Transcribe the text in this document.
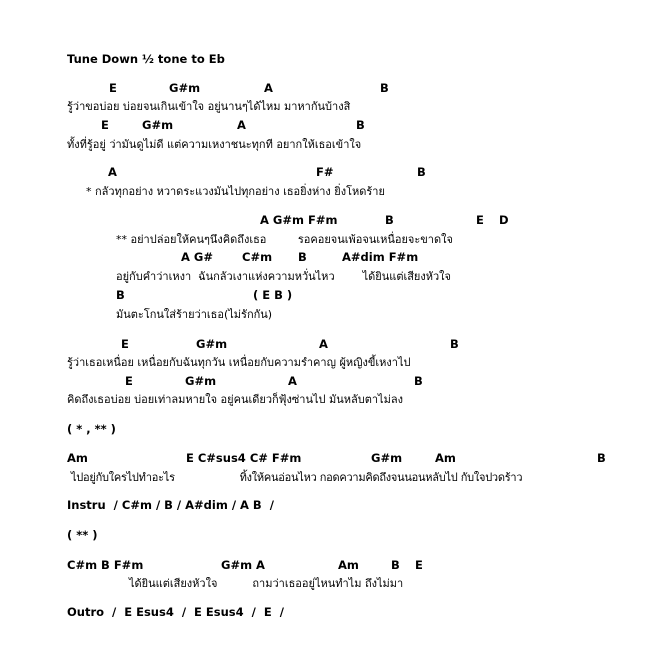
Tune Down ½ tone to Eb

E

	G#m

	A

	B

รู้ว่าขอบ่อย บ่อยจนเกินเข้าใจ อยู่นานๆได้ไหม มาหากันบ้างสิ

E

	G#m

	A

	B

ทั้งที่รู้อยู่ ว่ามันดูไม่ดี แต่ความเหงาชนะทุกที อยากให้เธอเข้าใจ

A

	F#

	B

* กลัวทุกอย่าง หวาดระแวงมันไปทุกอย่าง เธอยิ่งห่าง ยิ่งโหดร้าย

A G#m F#m

	B

	E

D

** อย่าปล่อยให้คนๆนึงคิดถึงเธอ         รอคอยจนเพ้อจนเหนื่อยจะขาดใจ

A G#

	C#m

B

	A#dim F#m

อยู่กับคำว่าเหงา  ฉันกลัวเงาแห่งความหวั่นไหว        ได้ยินแต่เสียงหัวใจ

B

	( E B )

มันตะโกนใส่ร้ายว่าเธอ(ไม่รักกัน)

E

	G#m

	A

	B

รู้ว่าเธอเหนื่อย เหนื่อยกับฉันทุกวัน เหนื่อยกับความรำคาญ ผู้หญิงขี้เหงาไป

E

	G#m

	A

	B

คิดถึงเธอบ่อย บ่อยเท่าลมหายใจ อยู่คนเดียวก็ฟุ้งซ่านไป มันหลับตาไม่ลง
( * , ** )

Am

	E C#sus4 C# F#m

	G#m

	Am

	B

ไปอยู่กับใครไปทำอะไร                    ทิ้งให้คนอ่อนไหว กอดความคิดถึงจนนอนหลับไป กับใจปวดร้าว
Instru  / C#m / B / A#dim / A B  /
( ** )

C#m B F#m

	G#m A

	Am

	B

E

ได้ยินแต่เสียงหัวใจ          ถามว่าเธออยู่ไหนทำไม ถึงไม่มา
Outro  /  E Esus4  /  E Esus4  /  E  /
